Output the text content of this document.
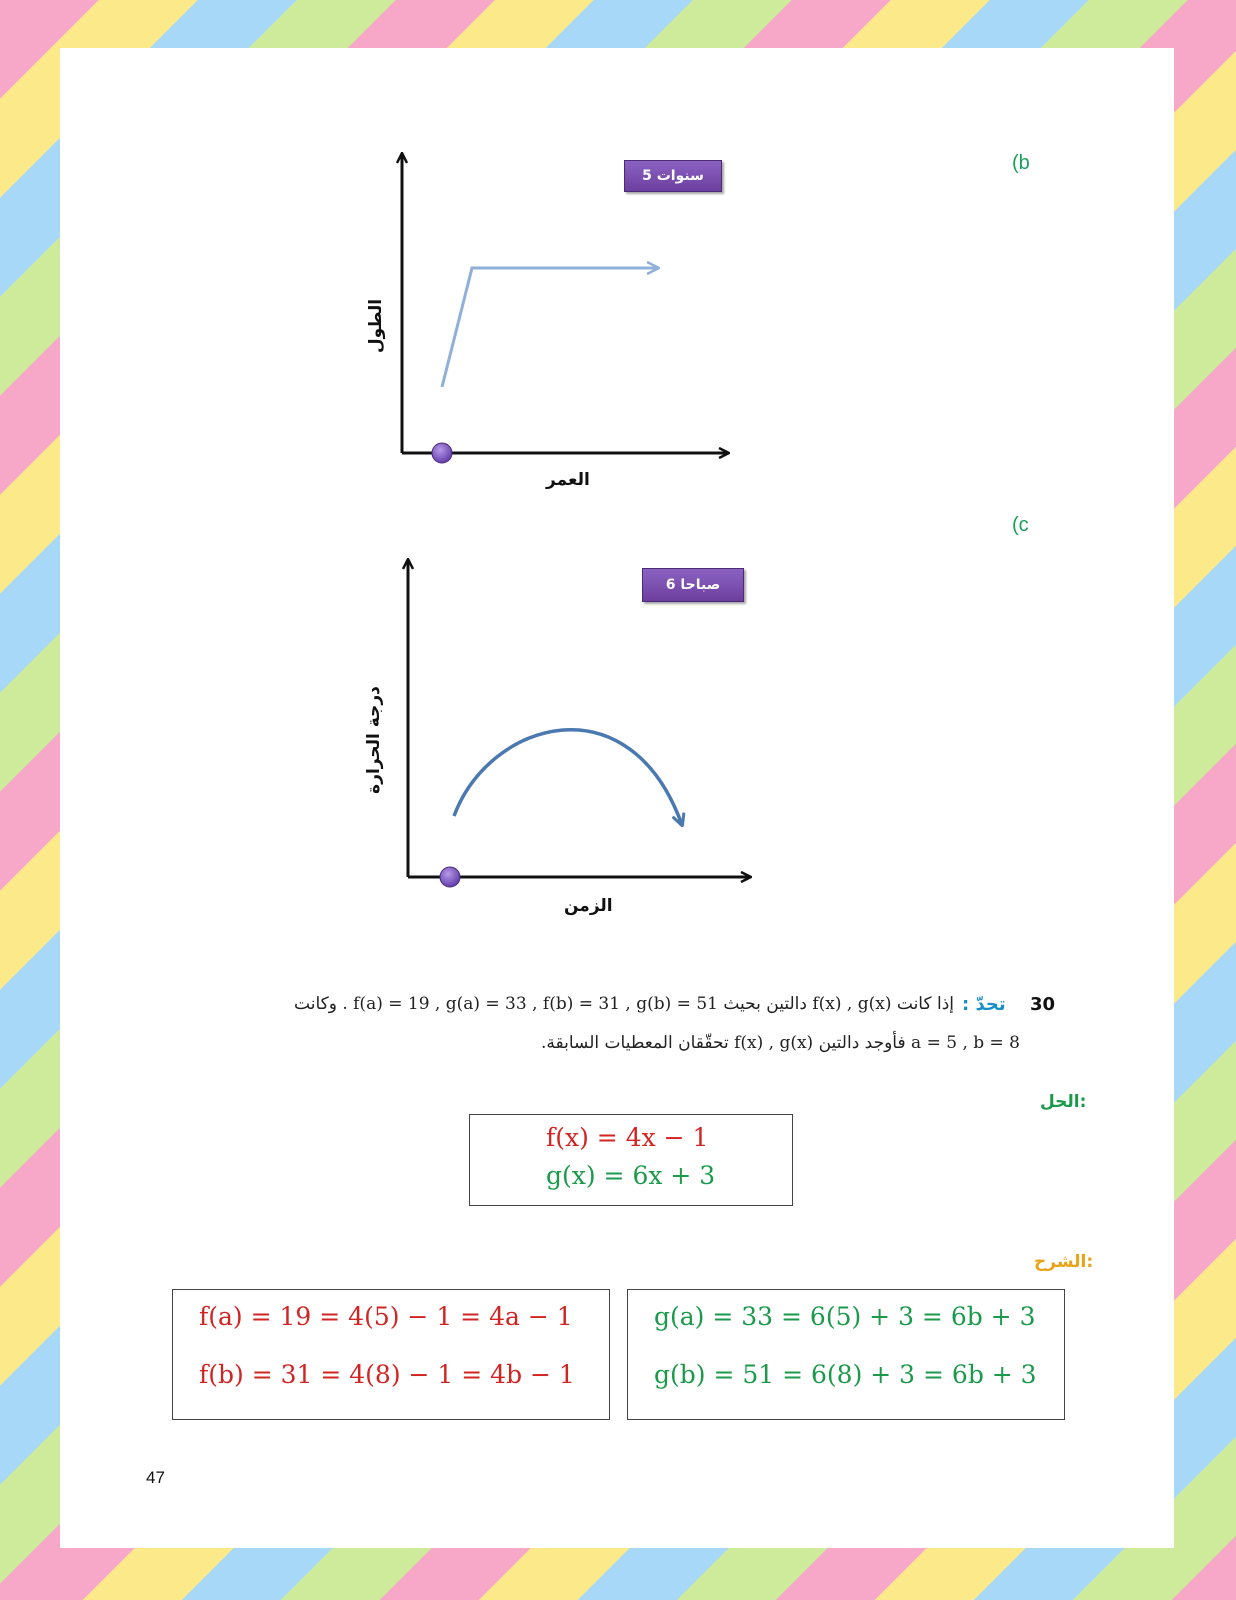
(b
5 سنوات
الطول
العمر
(c
6 صباحا
درجة الحرارة
الزمن
30
تحدّ :
إذا كانت f(x) , g(x) دالتين بحيث f(a) = 19 , g(a) = 33 , f(b) = 31 , g(b) = 51 . وكانت
a = 5 , b = 8 فأوجد دالتين f(x) , g(x) تحقّقان المعطيات السابقة.
الحل:
f(x) = 4x − 1
g(x) = 6x + 3
الشرح:
f(a) = 19 = 4(5) − 1 = 4a − 1
f(b) = 31 = 4(8) − 1 = 4b − 1
g(a) = 33 = 6(5) + 3 = 6b + 3
g(b) = 51 = 6(8) + 3 = 6b + 3
47
